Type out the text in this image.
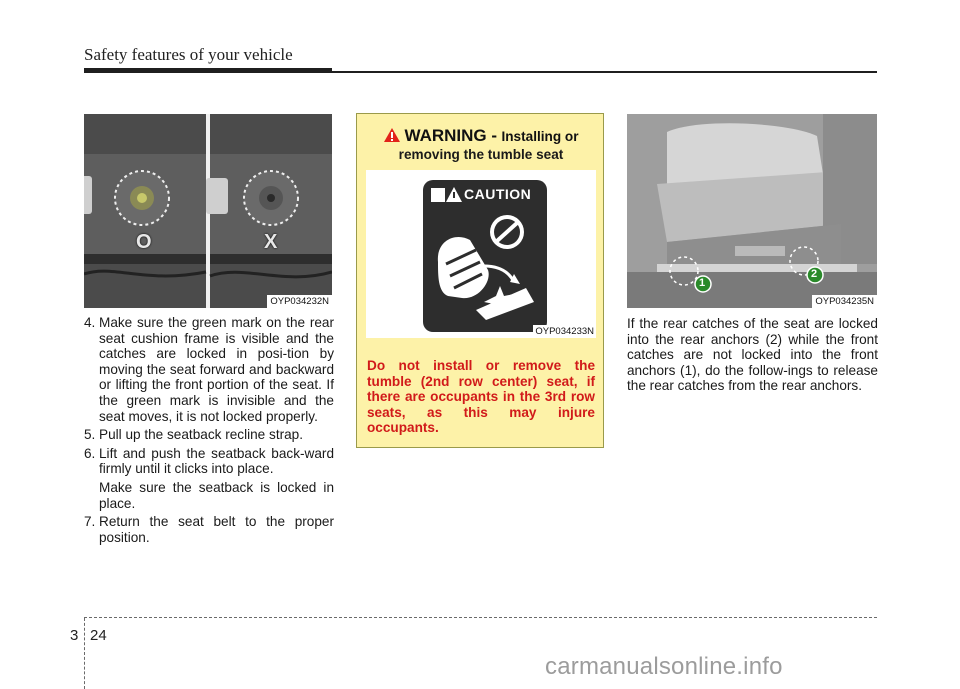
Safety features of your vehicle
O	X
OYP034232N
4. Make sure the green mark on the rear seat cushion frame is visible and the catches are locked in posi-tion by moving the seat forward and backward or lifting the front portion of the seat. If the green mark is invisible and the seat moves, it is not locked properly.
5. Pull up the seatback recline strap.
6. Lift and push the seatback back-ward firmly until it clicks into place.
Make sure the seatback is locked in place.
7. Return the seat belt to the proper position.
WARNING - Installing or
removing the tumble seat
CAUTION
OYP034233N
Do not install or remove the tumble (2nd row center) seat, if there are occupants in the 3rd row seats, as this may injure occupants.
1
2
OYP034235N
If the rear catches of the seat are locked into the rear anchors (2) while the front catches are not locked into the front anchors (1), do the follow-ings to release the rear catches from the rear anchors.
3 24
carmanualsonline.info
